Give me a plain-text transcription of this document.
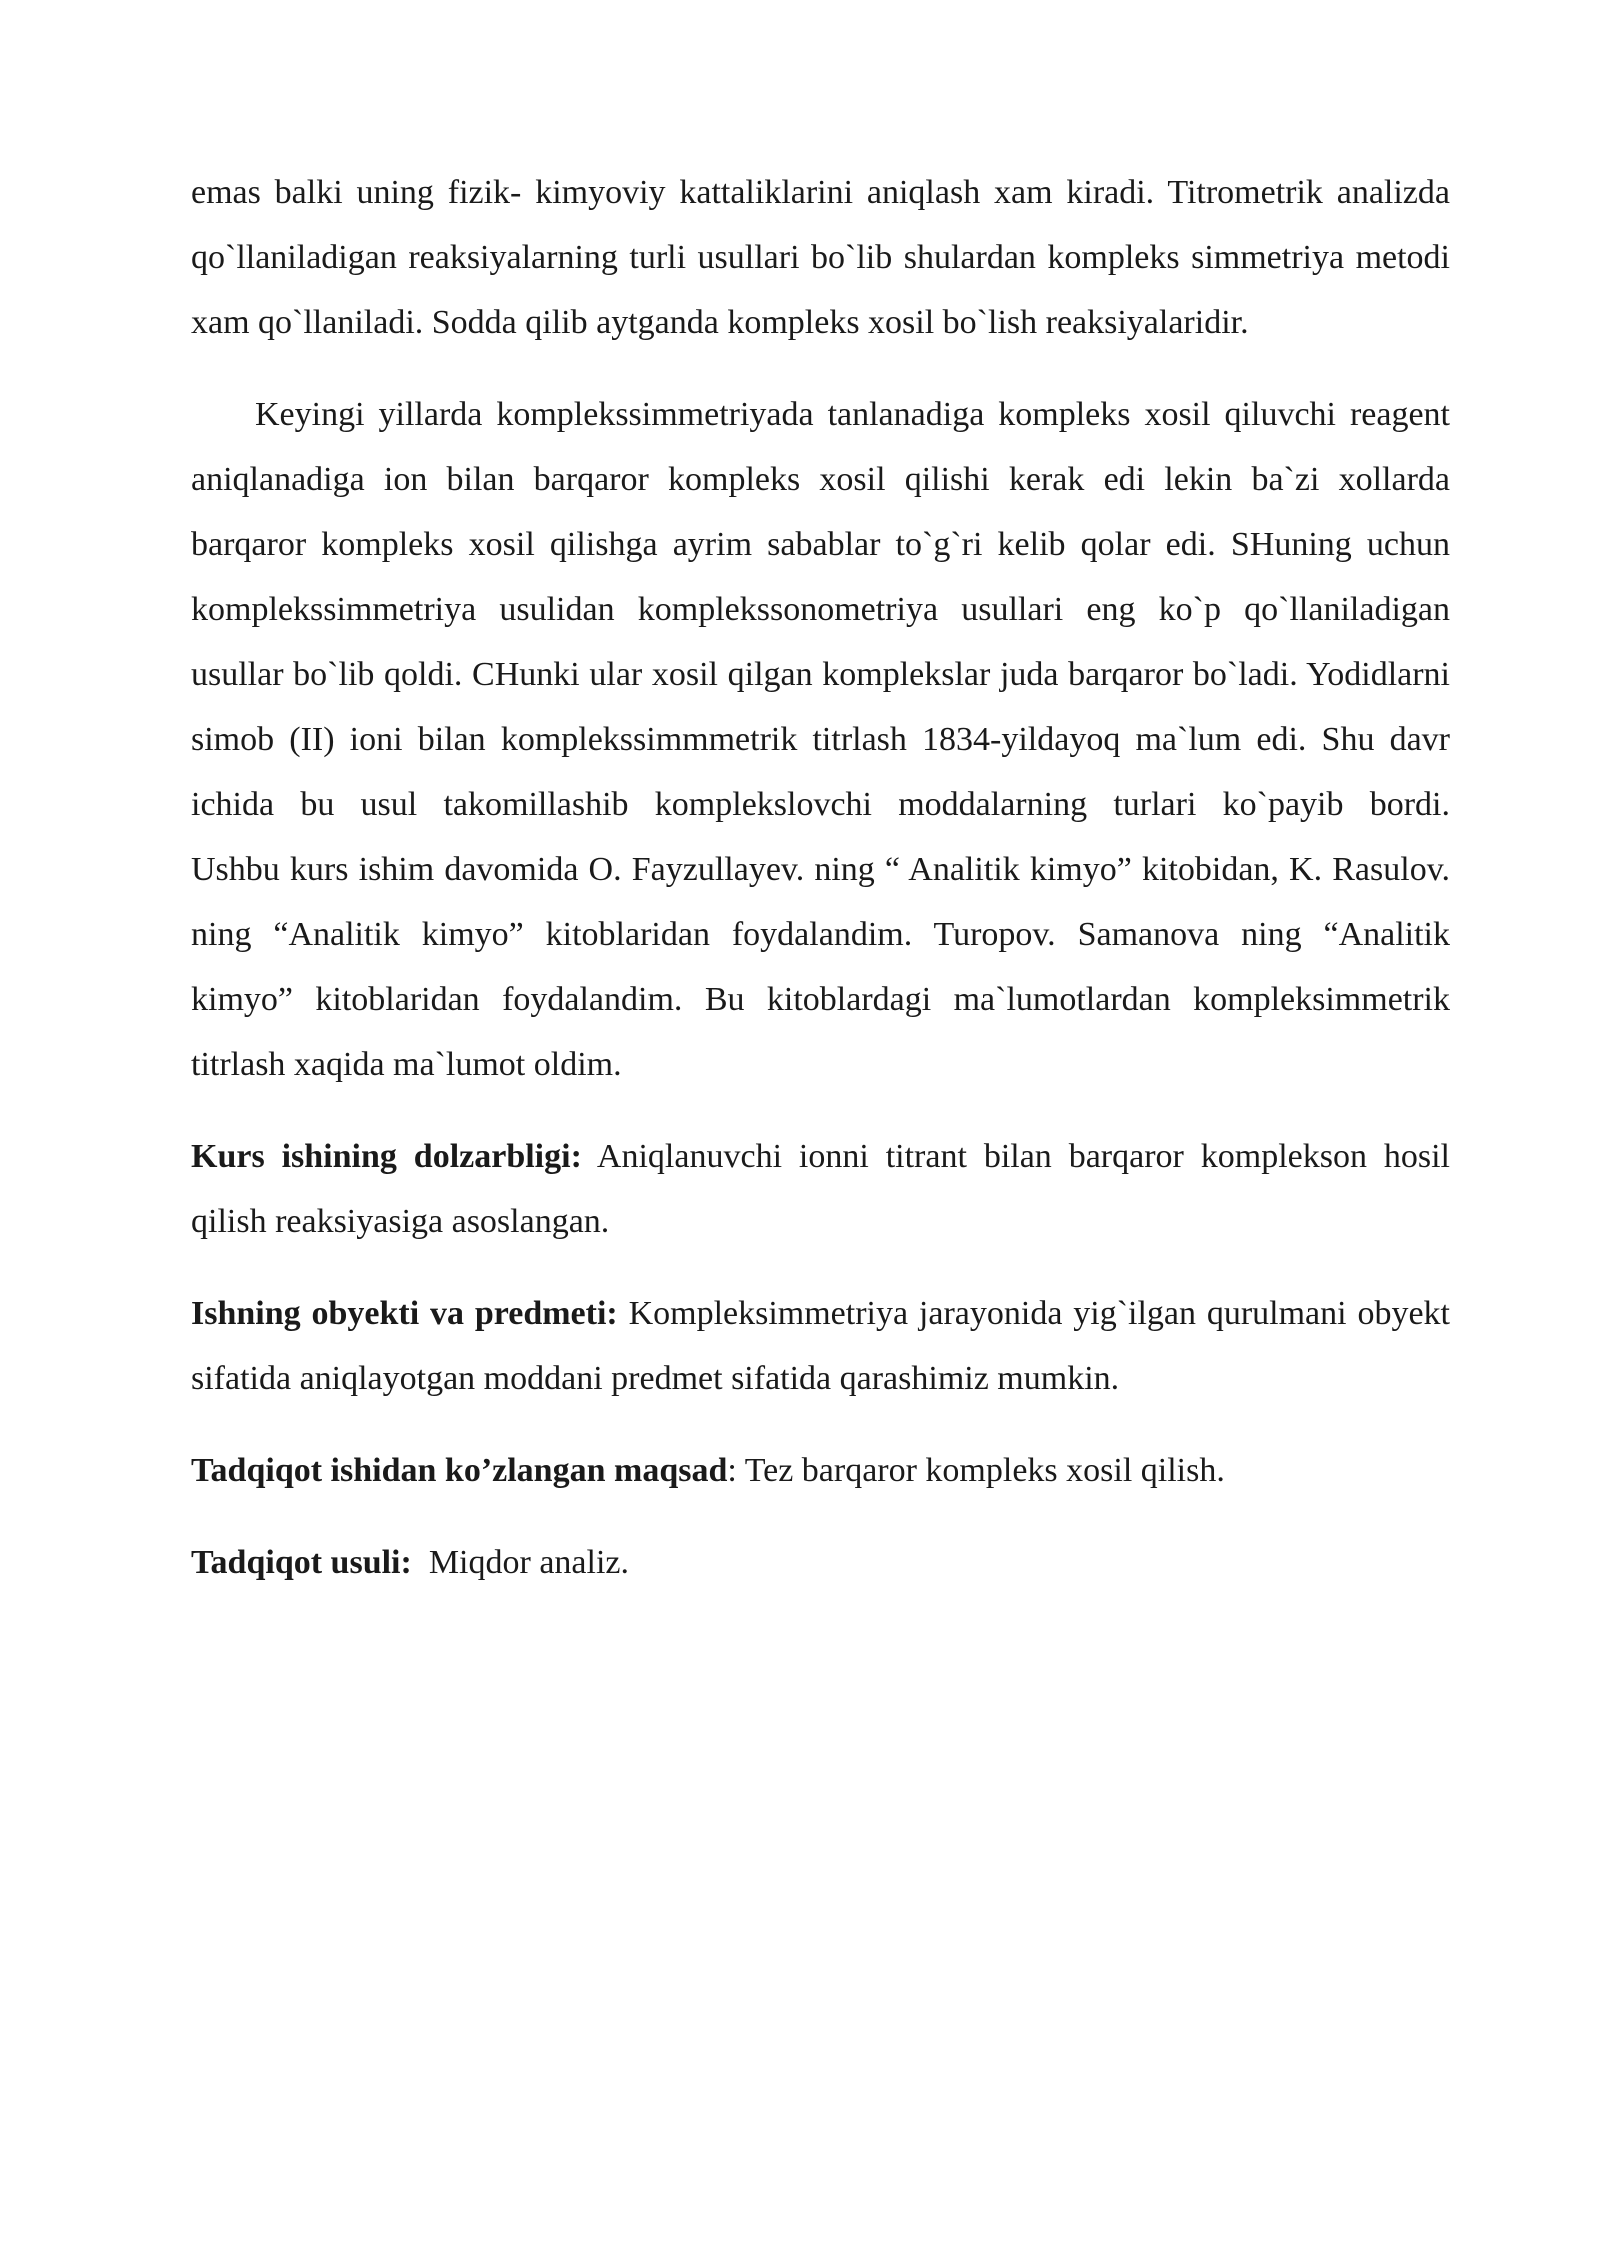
emas balki uning fizik- kimyoviy kattaliklarini aniqlash xam kiradi. Titrometrik analizda qo`llaniladigan reaksiyalarning turli usullari bo`lib shulardan kompleks simmetriya metodi xam qo`llaniladi. Sodda qilib aytganda kompleks xosil bo`lish reaksiyalaridir.

Keyingi yillarda komplekssimmetriyada tanlanadiga kompleks xosil qiluvchi reagent aniqlanadiga ion bilan barqaror kompleks xosil qilishi kerak edi lekin ba`zi xollarda barqaror kompleks xosil qilishga ayrim sabablar to`g`ri kelib qolar edi. SHuning uchun komplekssimmetriya usulidan komplekssonometriya usullari eng ko`p qo`llaniladigan usullar bo`lib qoldi. CHunki ular xosil qilgan komplekslar juda barqaror bo`ladi. Yodidlarni simob (II) ioni bilan komplekssimmmetrik titrlash 1834-yildayoq ma`lum edi. Shu davr ichida bu usul takomillashib komplekslovchi moddalarning turlari ko`payib bordi.
Ushbu kurs ishim davomida O. Fayzullayev. ning “ Analitik kimyo” kitobidan, K. Rasulov. ning “Analitik kimyo” kitoblaridan foydalandim. Turopov. Samanova ning “Analitik kimyo” kitoblaridan foydalandim. Bu kitoblardagi ma`lumotlardan kompleksimmetrik titrlash xaqida ma`lumot oldim.

Kurs ishining dolzarbligi: Aniqlanuvchi ionni titrant bilan barqaror komplekson hosil qilish reaksiyasiga asoslangan.

Ishning obyekti va predmeti: Kompleksimmetriya jarayonida yig`ilgan qurulmani obyekt sifatida aniqlayotgan moddani predmet sifatida qarashimiz mumkin.

Tadqiqot ishidan ko’zlangan maqsad: Tez barqaror kompleks xosil qilish.

Tadqiqot usuli:  Miqdor analiz.
